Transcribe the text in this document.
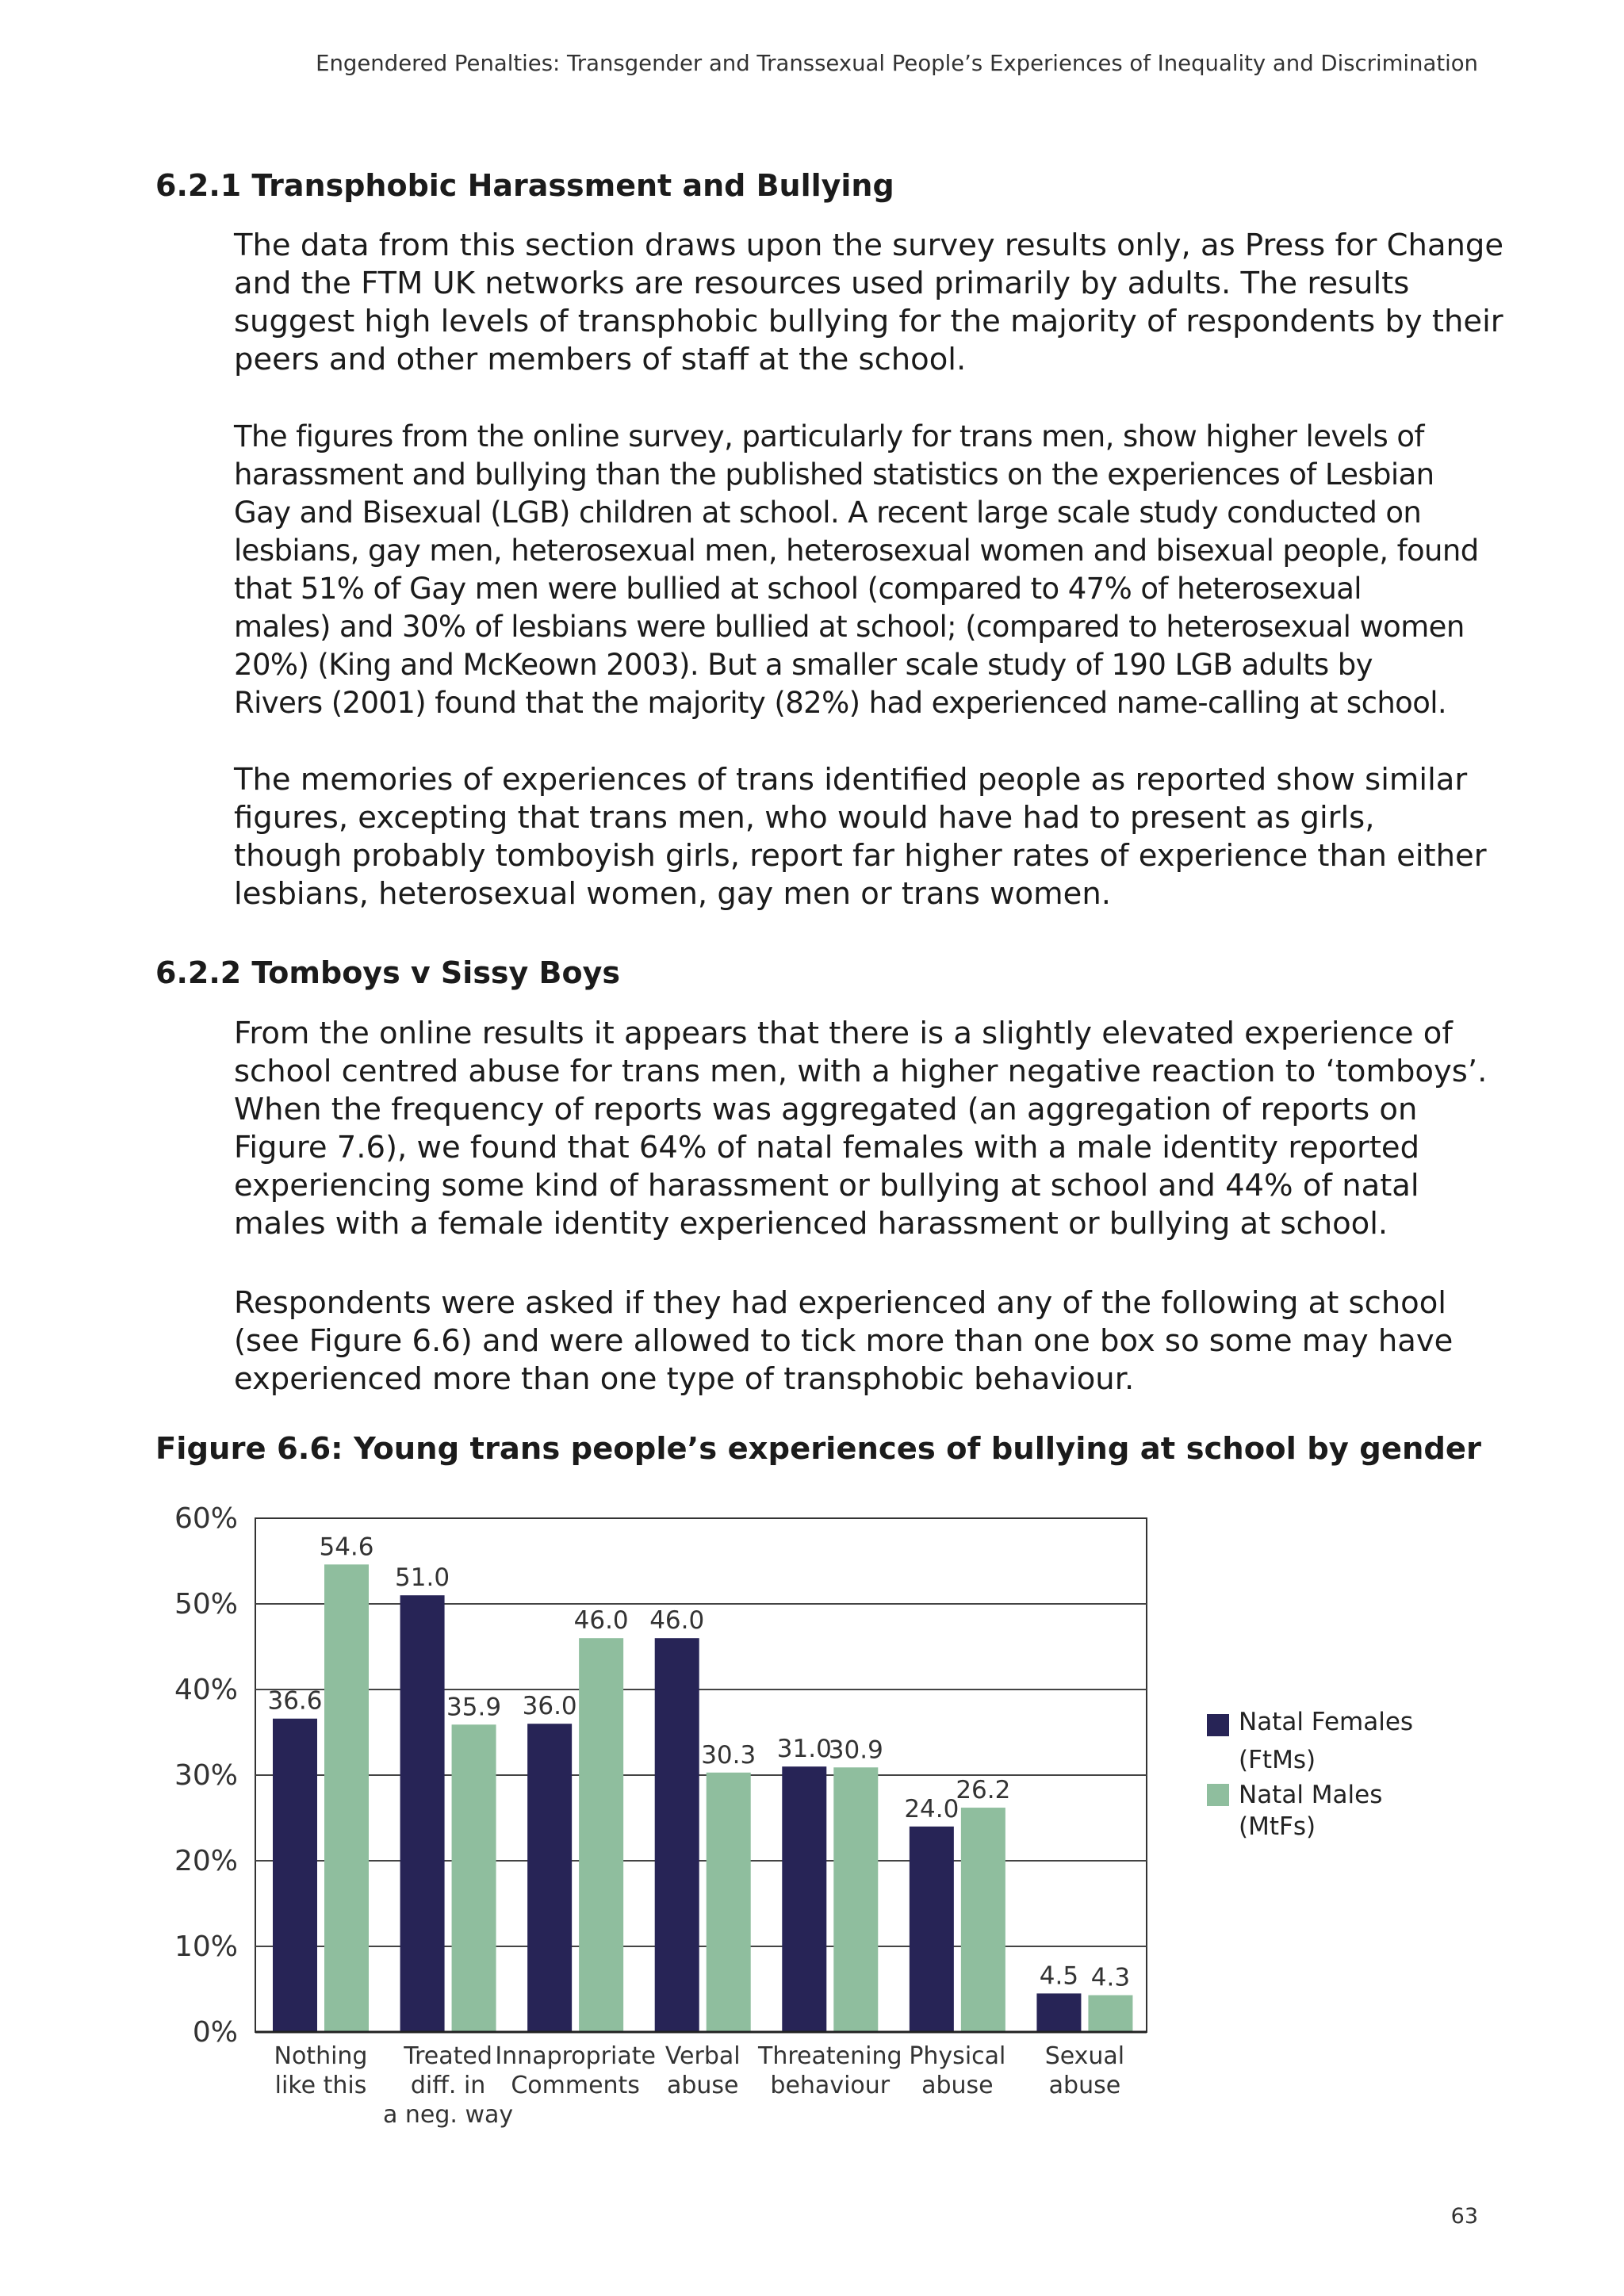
Engendered Penalties: Transgender and Transsexual People’s Experiences of Inequality and Discrimination
6.2.1 Transphobic Harassment and Bullying

The data from this section draws upon the survey results only, as Press for Change
and the FTM UK networks are resources used primarily by adults. The results
suggest high levels of transphobic bullying for the majority of respondents by their
peers and other members of staff at the school.

The figures from the online survey, particularly for trans men, show higher levels of
harassment and bullying than the published statistics on the experiences of Lesbian
Gay and Bisexual (LGB) children at school. A recent large scale study conducted on
lesbians, gay men, heterosexual men, heterosexual women and bisexual people, found
that 51% of Gay men were bullied at school (compared to 47% of heterosexual
males) and 30% of lesbians were bullied at school; (compared to heterosexual women
20%) (King and McKeown 2003). But a smaller scale study of 190 LGB adults by
Rivers (2001) found that the majority (82%) had experienced name-calling at school.

The memories of experiences of trans identified people as reported show similar
figures, excepting that trans men, who would have had to present as girls,
though probably tomboyish girls, report far higher rates of experience than either
lesbians, heterosexual women, gay men or trans women.

6.2.2 Tomboys v Sissy Boys

From the online results it appears that there is a slightly elevated experience of
school centred abuse for trans men, with a higher negative reaction to ‘tomboys’.
When the frequency of reports was aggregated (an aggregation of reports on
Figure 7.6), we found that 64% of natal females with a male identity reported
experiencing some kind of harassment or bullying at school and 44% of natal
males with a female identity experienced harassment or bullying at school.

Respondents were asked if they had experienced any of the following at school
(see Figure 6.6) and were allowed to tick more than one box so some may have
experienced more than one type of transphobic behaviour.

Figure 6.6: Young trans people’s experiences of bullying at school by gender
0%
10%
20%
30%
40%
50%
60%
36.6
51.0
36.0
46.0
31.0
24.0
4.5
54.6
35.9
46.0
30.3	30.9
26.2
4.3
Nothing
like this
Treated
diff. in
a neg. way
Innapropriate
Comments
Verbal
abuse
Threatening
behaviour
Physical
abuse
Sexual
abuse
Natal Females
(FtMs)
Natal Males
(MtFs)
63
